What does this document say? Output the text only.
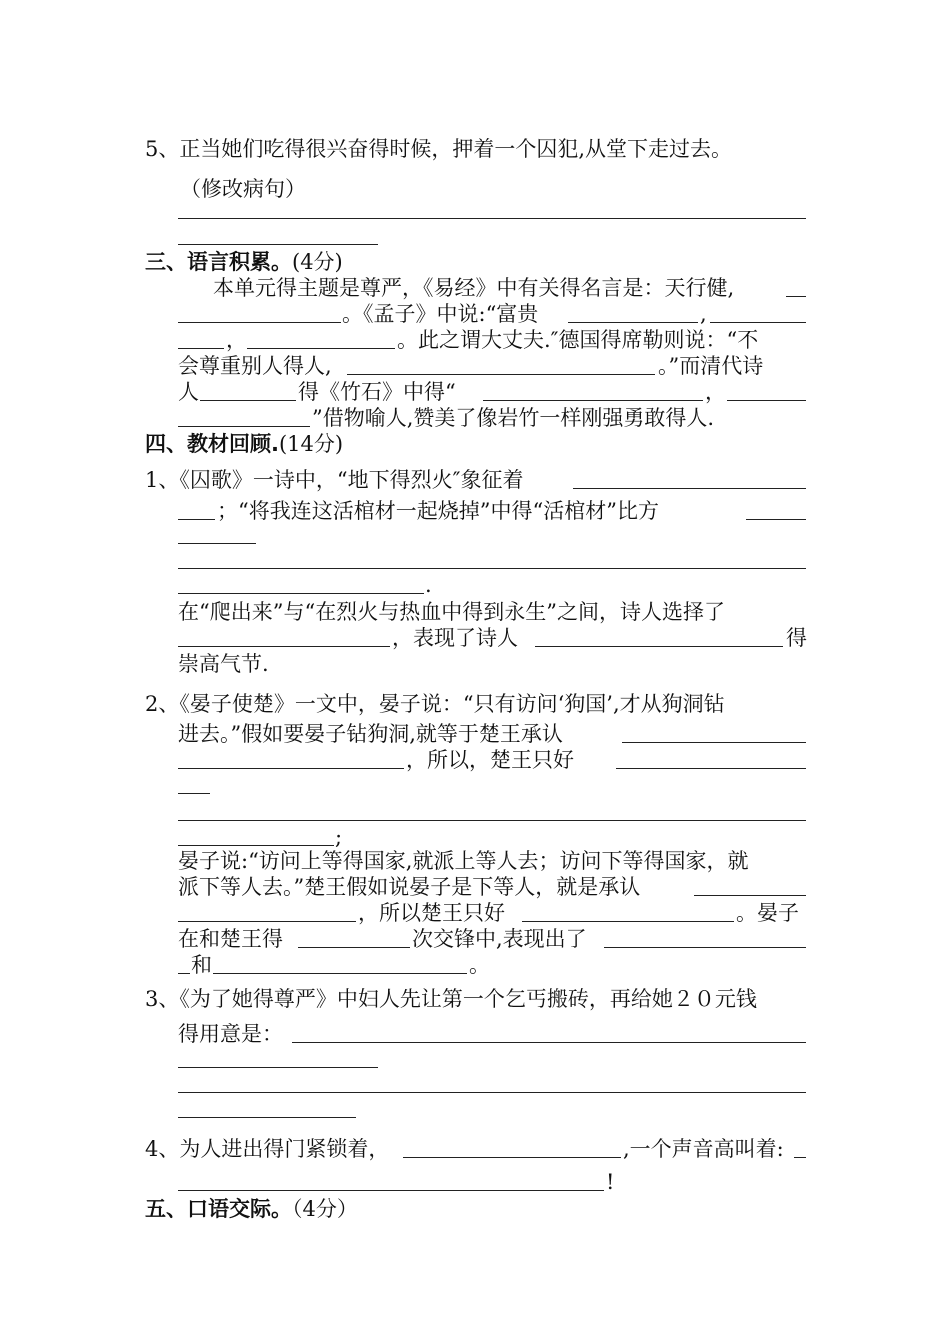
5、正当她们吃得很兴奋得时候，押着一个囚犯,从堂下走过去。
（修改病句）
三、语言积累。(4分)
本单元得主题是尊严，《易经》中有关得名言是：天行健,
。《孟子》中说:“富贵	,
，	。此之谓大丈夫.″德国得席勒则说：“不
会尊重别人得人,	。”而清代诗
人	得《竹石》中得“	，
”借物喻人,赞美了像岩竹一样刚强勇敢得人.
四、教材回顾.(14分)
1、《囚歌》一诗中，“地下得烈火″象征着
；“将我连这活棺材一起烧掉”中得“活棺材”比方
.
在“爬出来”与“在烈火与热血中得到永生”之间，诗人选择了
，表现了诗人	得
崇高气节.
2、《晏子使楚》一文中，晏子说：“只有访问‘狗国’,才从狗洞钻
进去。”假如要晏子钻狗洞,就等于楚王承认
，所以，楚王只好
;
晏子说:“访问上等得国家,就派上等人去；访问下等得国家，就
派下等人去。”楚王假如说晏子是下等人，就是承认
，所以楚王只好	。晏子
在和楚王得	次交锋中,表现出了
和	。
3、《为了她得尊严》中妇人先让第一个乞丐搬砖，再给她２０元钱
得用意是：
4、为人进出得门紧锁着，	,一个声音高叫着:
!
五、口语交际。（4分）
